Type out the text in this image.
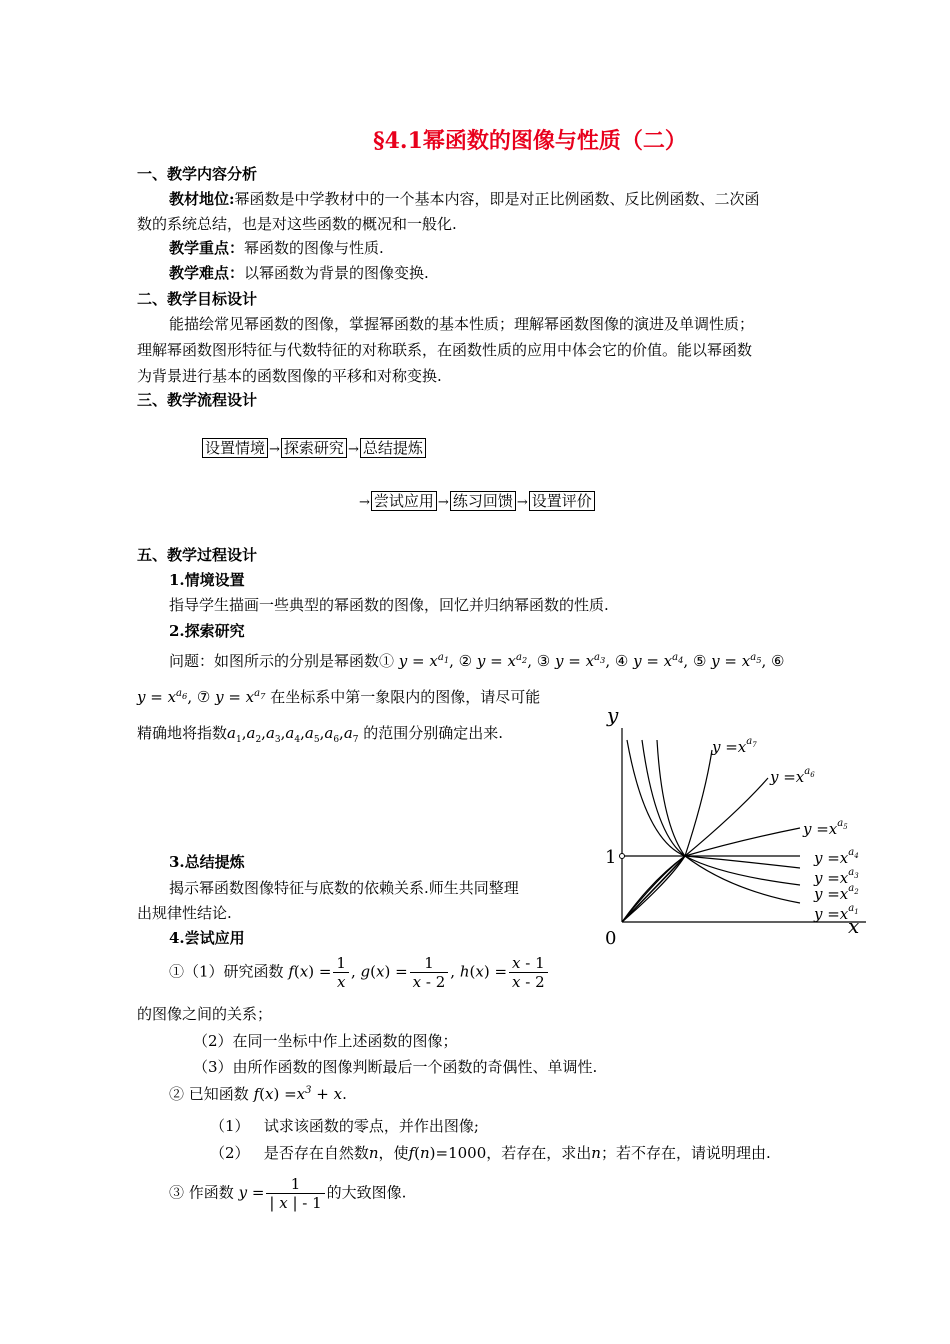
§4.1幂函数的图像与性质（二）
一、教学内容分析
教材地位:幂函数是中学教材中的一个基本内容，即是对正比例函数、反比例函数、二次函
数的系统总结，也是对这些函数的概况和一般化.
教学重点：幂函数的图像与性质.
教学难点：以幂函数为背景的图像变换.
二、教学目标设计
能描绘常见幂函数的图像，掌握幂函数的基本性质；理解幂函数图像的演进及单调性质；
理解幂函数图形特征与代数特征的对称联系，在函数性质的应用中体会它的价值。能以幂函数
为背景进行基本的函数图像的平移和对称变换.
三、教学流程设计
设置情境 → 探索研究 → 总结提炼
→ 尝试应用 → 练习回馈 → 设置评价
五、教学过程设计
1.情境设置
指导学生描画一些典型的幂函数的图像，回忆并归纳幂函数的性质.
2.探索研究
问题：如图所示的分别是幂函数① $y = x^{a_1}$, ② $y = x^{a_2}$, ③ $y = x^{a_3}$, ④ $y = x^{a_4}$, ⑤ $y = x^{a_5}$, ⑥
$y = x^{a_6}$, ⑦ $y = x^{a_7}$ 在坐标系中第一象限内的图像，请尽可能
精确地将指数$a_1,a_2,a_3,a_4,a_5,a_6,a_7$ 的范围分别确定出来.
y
x
0
1
$y =x^a_7$
$y =x^a_6$
$y =x^a_5$
$y =x^a_4$
$y =x^a_3$
$y =x^a_2$
$y =x^a_1$
3.总结提炼
揭示幂函数图像特征与底数的依赖关系.师生共同整理
出规律性结论.
4.尝试应用
①（1）研究函数 $f(x) = \frac{1}{x}$ , $g(x) = \frac{1}{x - 2}$ , $h(x) = \frac{x - 1}{x - 2}$
的图像之间的关系；
（2）在同一坐标中作上述函数的图像；
（3）由所作函数的图像判断最后一个函数的奇偶性、单调性.
② 已知函数 $f(x) =x^3 + x$.
（1） 试求该函数的零点，并作出图像;
（2） 是否存在自然数n，使f(n)=1000，若存在，求出n；若不存在，请说明理由.
③ 作函数 $y = \frac{1}{| x | - 1}$ 的大致图像.
